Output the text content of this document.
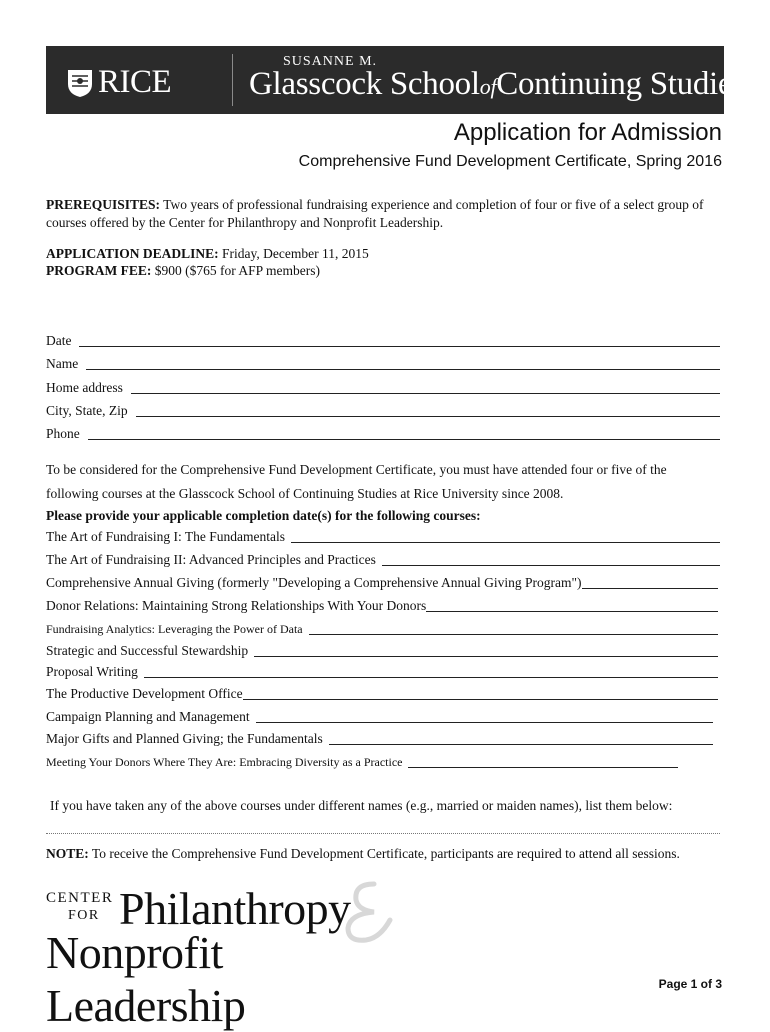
RICE
SUSANNE M.
Glasscock SchoolofContinuing Studies
Application for Admission
Comprehensive Fund Development Certificate, Spring 2016
PREREQUISITES: Two years of professional fundraising experience and completion of four or five of a select group of courses offered by the Center for Philanthropy and Nonprofit Leadership.
APPLICATION DEADLINE: Friday, December 11, 2015
PROGRAM FEE: $900 ($765 for AFP members)
Date
Name
Home address
City, State, Zip
Phone
To be considered for the Comprehensive Fund Development Certificate, you must have attended four or five of the
following courses at the Glasscock School of Continuing Studies at Rice University since 2008.
Please provide your applicable completion date(s) for the following courses:
The Art of Fundraising I: The Fundamentals
The Art of Fundraising II: Advanced Principles and Practices
Comprehensive Annual Giving (formerly "Developing a Comprehensive Annual Giving Program")
Donor Relations: Maintaining Strong Relationships With Your Donors
Fundraising Analytics: Leveraging the Power of Data
Strategic and Successful Stewardship
Proposal Writing
The Productive Development Office
Campaign Planning and Management
Major Gifts and Planned Giving; the Fundamentals
Meeting Your Donors Where They Are: Embracing Diversity as a Practice
If you have taken any of the above courses under different names (e.g., married or maiden names), list them below:
NOTE: To receive the Comprehensive Fund Development Certificate, participants are required to attend all sessions.
CENTER
FOR Philanthropy
Nonprofit Leadership	Page 1 of 3
